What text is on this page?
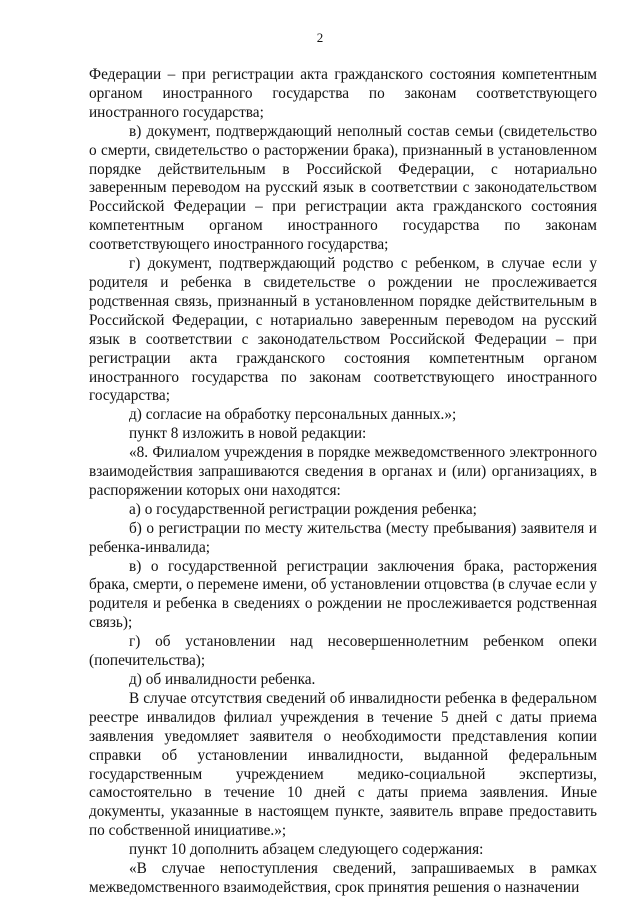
2

Федерации – при регистрации акта гражданского состояния компетентным органом иностранного государства по законам соответствующего иностранного государства;

в) документ, подтверждающий неполный состав семьи (свидетельство о смерти, свидетельство о расторжении брака), признанный в установленном порядке действительным в Российской Федерации, с нотариально заверенным переводом на русский язык в соответствии с законодательством Российской Федерации – при регистрации акта гражданского состояния компетентным органом иностранного государства по законам соответствующего иностранного государства;

г) документ, подтверждающий родство с ребенком, в случае если у родителя и ребенка в свидетельстве о рождении не прослеживается родственная связь, признанный в установленном порядке действительным в Российской Федерации, с нотариально заверенным переводом на русский язык в соответствии с законодательством Российской Федерации – при регистрации акта гражданского состояния компетентным органом иностранного государства по законам соответствующего иностранного государства;

д) согласие на обработку персональных данных.»;

пункт 8 изложить в новой редакции:

«8. Филиалом учреждения в порядке межведомственного электронного взаимодействия запрашиваются сведения в органах и (или) организациях, в распоряжении которых они находятся:

а) о государственной регистрации рождения ребенка;

б) о регистрации по месту жительства (месту пребывания) заявителя и ребенка-инвалида;

в) о государственной регистрации заключения брака, расторжения брака, смерти, о перемене имени, об установлении отцовства (в случае если у родителя и ребенка в сведениях о рождении не прослеживается родственная связь);

г) об установлении над несовершеннолетним ребенком опеки (попечительства);

д) об инвалидности ребенка.

В случае отсутствия сведений об инвалидности ребенка в федеральном реестре инвалидов филиал учреждения в течение 5 дней с даты приема заявления уведомляет заявителя о необходимости представления копии справки об установлении инвалидности, выданной федеральным государственным учреждением медико-социальной экспертизы, самостоятельно в течение 10 дней с даты приема заявления. Иные документы, указанные в настоящем пункте, заявитель вправе предоставить по собственной инициативе.»;

пункт 10 дополнить абзацем следующего содержания:

«В случае непоступления сведений, запрашиваемых в рамках межведомственного взаимодействия, срок принятия решения о назначении
